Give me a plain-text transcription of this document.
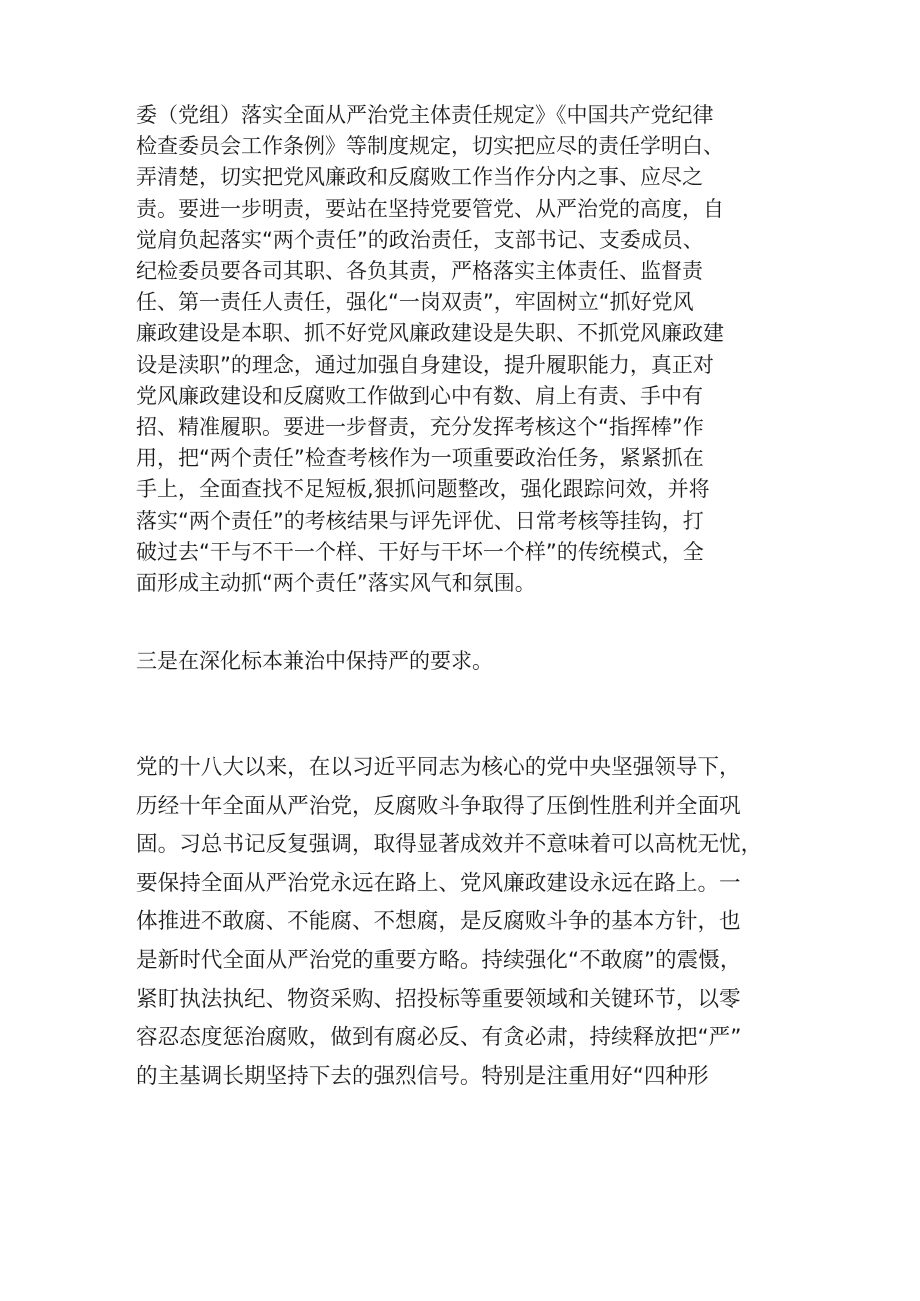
委（党组）落实全面从严治党主体责任规定》《中国共产党纪律
检查委员会工作条例》等制度规定，切实把应尽的责任学明白、
弄清楚，切实把党风廉政和反腐败工作当作分内之事、应尽之
责。要进一步明责，要站在坚持党要管党、从严治党的高度，自
觉肩负起落实“两个责任”的政治责任，支部书记、支委成员、
纪检委员要各司其职、各负其责，严格落实主体责任、监督责
任、第一责任人责任，强化“一岗双责”，牢固树立“抓好党风
廉政建设是本职、抓不好党风廉政建设是失职、不抓党风廉政建
设是渎职”的理念，通过加强自身建设，提升履职能力，真正对
党风廉政建设和反腐败工作做到心中有数、肩上有责、手中有
招、精准履职。要进一步督责，充分发挥考核这个“指挥棒”作
用，把“两个责任”检查考核作为一项重要政治任务，紧紧抓在
手上，全面查找不足短板,狠抓问题整改，强化跟踪问效，并将
落实“两个责任”的考核结果与评先评优、日常考核等挂钩，打
破过去“干与不干一个样、干好与干坏一个样”的传统模式，全
面形成主动抓“两个责任”落实风气和氛围。
三是在深化标本兼治中保持严的要求。
党的十八大以来，在以习近平同志为核心的党中央坚强领导下，
历经十年全面从严治党，反腐败斗争取得了压倒性胜利并全面巩
固。习总书记反复强调，取得显著成效并不意味着可以高枕无忧，
要保持全面从严治党永远在路上、党风廉政建设永远在路上。一
体推进不敢腐、不能腐、不想腐，是反腐败斗争的基本方针，也
是新时代全面从严治党的重要方略。持续强化“不敢腐”的震慑，
紧盯执法执纪、物资采购、招投标等重要领域和关键环节，以零
容忍态度惩治腐败，做到有腐必反、有贪必肃，持续释放把“严”
的主基调长期坚持下去的强烈信号。特别是注重用好“四种形
